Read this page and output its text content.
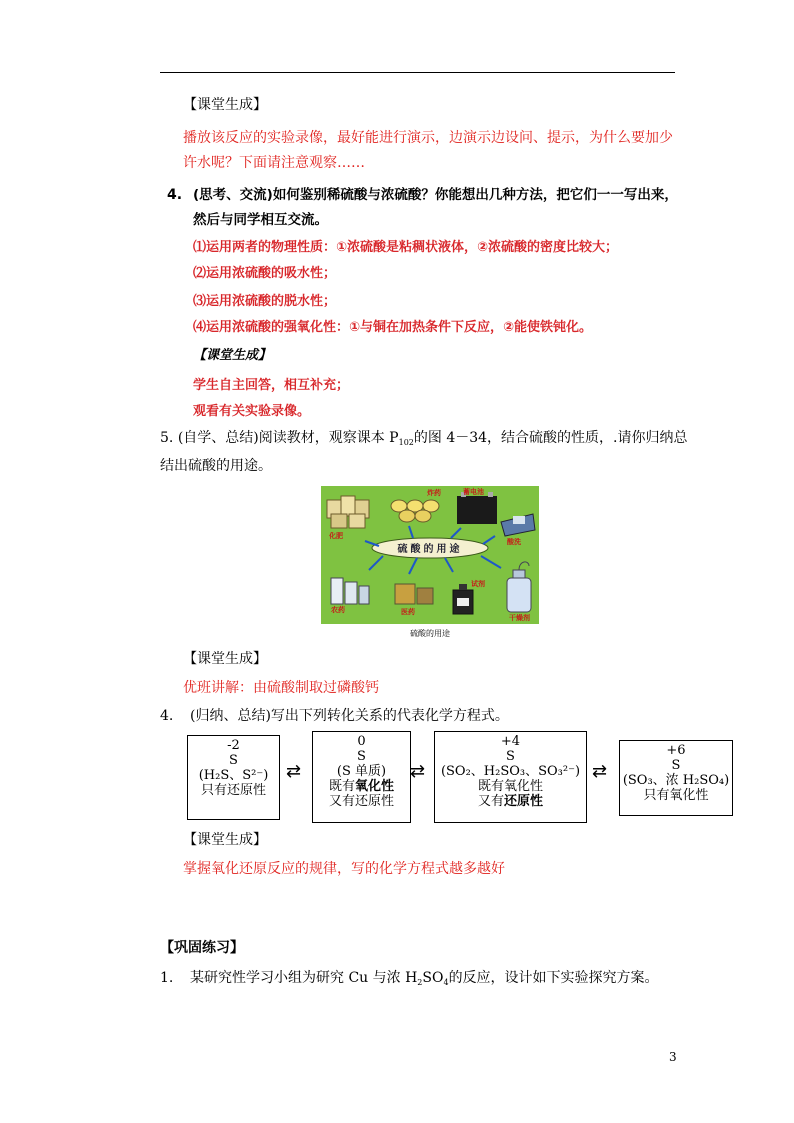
【课堂生成】
播放该反应的实验录像，最好能进行演示，边演示边设问、提示，为什么要加少
许水呢？下面请注意观察……
4. (思考、交流)如何鉴别稀硫酸与浓硫酸？你能想出几种方法，把它们一一写出来，
然后与同学相互交流。
⑴运用两者的物理性质：①浓硫酸是粘稠状液体，②浓硫酸的密度比较大；
⑵运用浓硫酸的吸水性；
⑶运用浓硫酸的脱水性；
⑷运用浓硫酸的强氧化性：①与铜在加热条件下反应，②能使铁钝化。
【课堂生成】
学生自主回答，相互补充；
观看有关实验录像。
5. (自学、总结)阅读教材，观察课本 $P_{102}$的图 4－34，结合硫酸的性质，.请你归纳总
结出硫酸的用途。
化肥
炸药	蓄电池
酸洗
农药	医药
试剂
干燥剂
硫酸的用途
硫酸的用途
【课堂生成】
优班讲解：由硫酸制取过磷酸钙
4. (归纳、总结)写出下列转化关系的代表化学方程式。
-2
S
(H₂S、S²⁻)
只有还原性
⇄
0
S
(S 单质)
既有氧化性
又有还原性
⇄
+4
S
(SO₂、H₂SO₃、SO₃²⁻)
既有氧化性
又有还原性
⇄
+6
S
(SO₃、浓 H₂SO₄)
只有氧化性
【课堂生成】
掌握氧化还原反应的规律，写的化学方程式越多越好
【巩固练习】
1. 某研究性学习小组为研究 Cu 与浓 $H_2SO_4$的反应，设计如下实验探究方案。
3
